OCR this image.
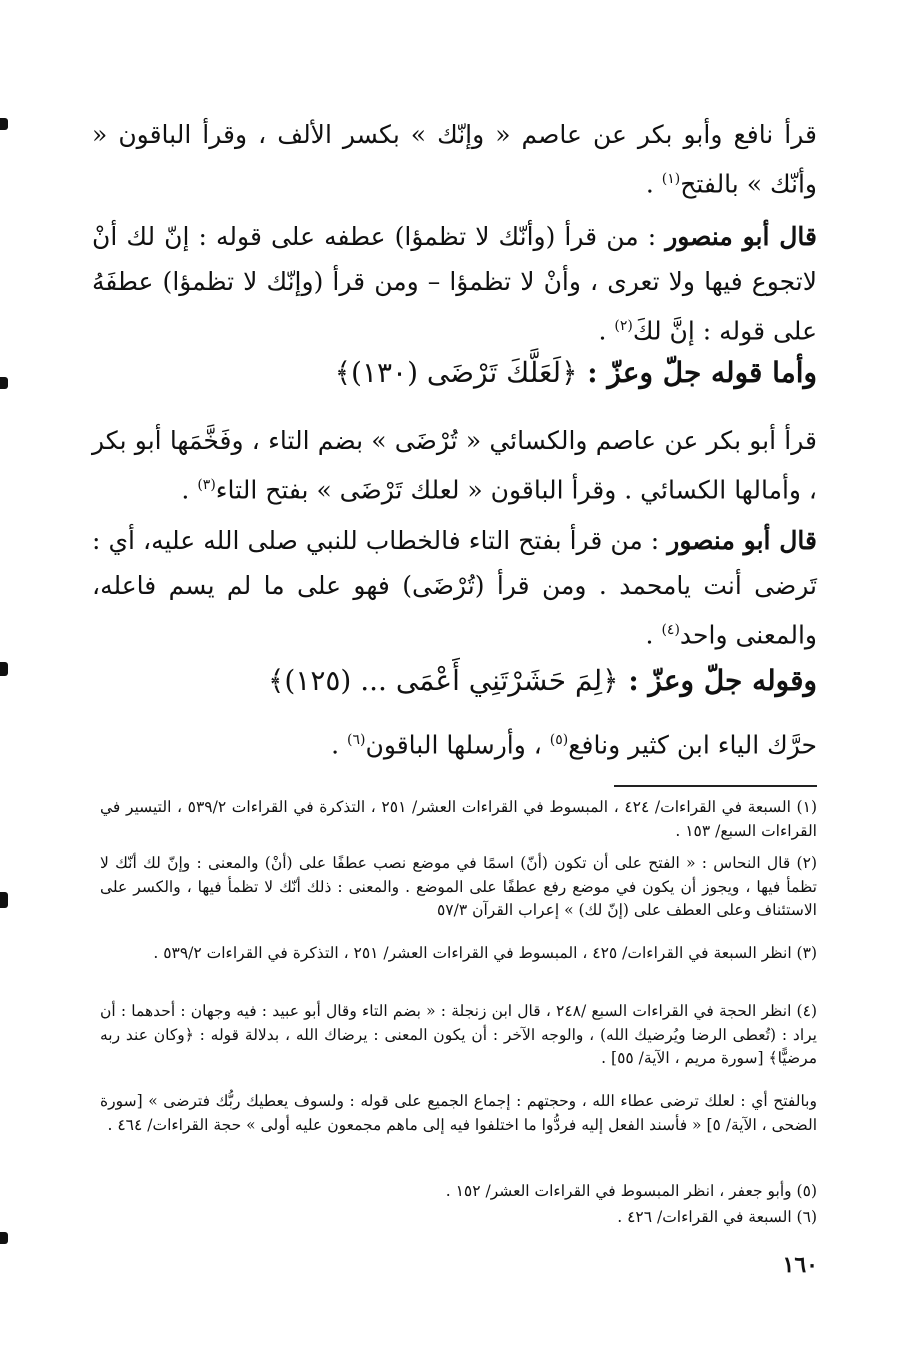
قرأ نافع وأبو بكر عن عاصم « وإنّك » بكسر الألف ، وقرأ الباقون « وأنّك » بالفتح$^{(١)}$ .

قال أبو منصور : من قرأ (وأنّك لا تظمؤا) عطفه على قوله : إنّ لك أنْ لاتجوع فيها ولا تعرى ، وأنْ لا تظمؤا – ومن قرأ (وإنّك لا تظمؤا) عطفَهُ على قوله : إنَّ لكَ$^{(٢)}$ .

وأما قوله جلّ وعزّ : ﴿لَعَلَّكَ تَرْضَى (١٣٠)﴾

قرأ أبو بكر عن عاصم والكسائي « تُرْضَى » بضم التاء ، وفَخَّمَها أبو بكر ، وأمالها الكسائي . وقرأ الباقون « لعلك تَرْضَى » بفتح التاء$^{(٣)}$ .

قال أبو منصور : من قرأ بفتح التاء فالخطاب للنبي صلى الله عليه، أي : تَرضى أنت يامحمد . ومن قرأ (تُرْضَى) فهو على ما لم يسم فاعله، والمعنى واحد$^{(٤)}$ .

وقوله جلّ وعزّ : ﴿لِمَ حَشَرْتَنِي أَعْمَى ... (١٢٥)﴾

حرَّك الياء ابن كثير ونافع$^{(٥)}$ ، وأرسلها الباقون$^{(٦)}$ .

(١) السبعة في القراءات/ ٤٢٤ ، المبسوط في القراءات العشر/ ٢٥١ ، التذكرة في القراءات ٥٣٩/٢ ، التيسير في القراءات السبع/ ١٥٣ .

(٢) قال النحاس : « الفتح على أن تكون (أنّ) اسمًا في موضع نصب عطفًا على (أنْ) والمعنى : وإنّ لك أنّك لا تظمأ فيها ، ويجوز أن يكون في موضع رفع عطفًا على الموضع . والمعنى : ذلك أنّك لا تظمأ فيها ، والكسر على الاستئناف وعلى العطف على (إنّ لك) » إعراب القرآن ٥٧/٣

(٣) انظر السبعة في القراءات/ ٤٢٥ ، المبسوط في القراءات العشر/ ٢٥١ ، التذكرة في القراءات ٥٣٩/٢ .

(٤) انظر الحجة في القراءات السبع /٢٤٨ ، قال ابن زنجلة : « بضم التاء وقال أبو عبيد : فيه وجهان : أحدهما : أن يراد : (تُعطى الرضا ويُرضيك الله) ، والوجه الآخر : أن يكون المعنى : يرضاك الله ، بدلالة قوله : ﴿وكان عند ربه مرضيًّا﴾ [سورة مريم ، الآية/ ٥٥] .

وبالفتح أي : لعلك ترضى عطاء الله ، وحجتهم : إجماع الجميع على قوله : ولسوف يعطيك ربُّك فترضى » [سورة الضحى ، الآية/ ٥] « فأسند الفعل إليه فردُّوا ما اختلفوا فيه إلى ماهم مجمعون عليه أولى » حجة القراءات/ ٤٦٤ .

(٥) وأبو جعفر ، انظر المبسوط في القراءات العشر/ ١٥٢ .

(٦) السبعة في القراءات/ ٤٢٦ .

١٦٠
